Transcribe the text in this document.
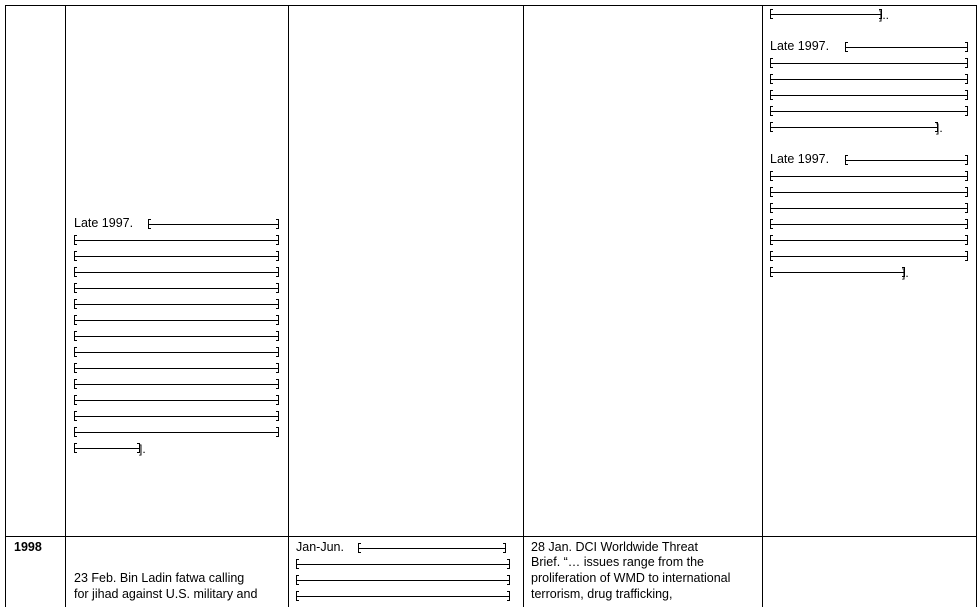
Late 1997.
].
]..
Late 1997.
].
Late 1997.
].
1998
23 Feb. Bin Ladin fatwa calling
for jihad against U.S. military and
Jan-Jun.	28 Jan. DCI Worldwide Threat
Brief. “… issues range from the
proliferation of WMD to international
terrorism, drug trafficking,
